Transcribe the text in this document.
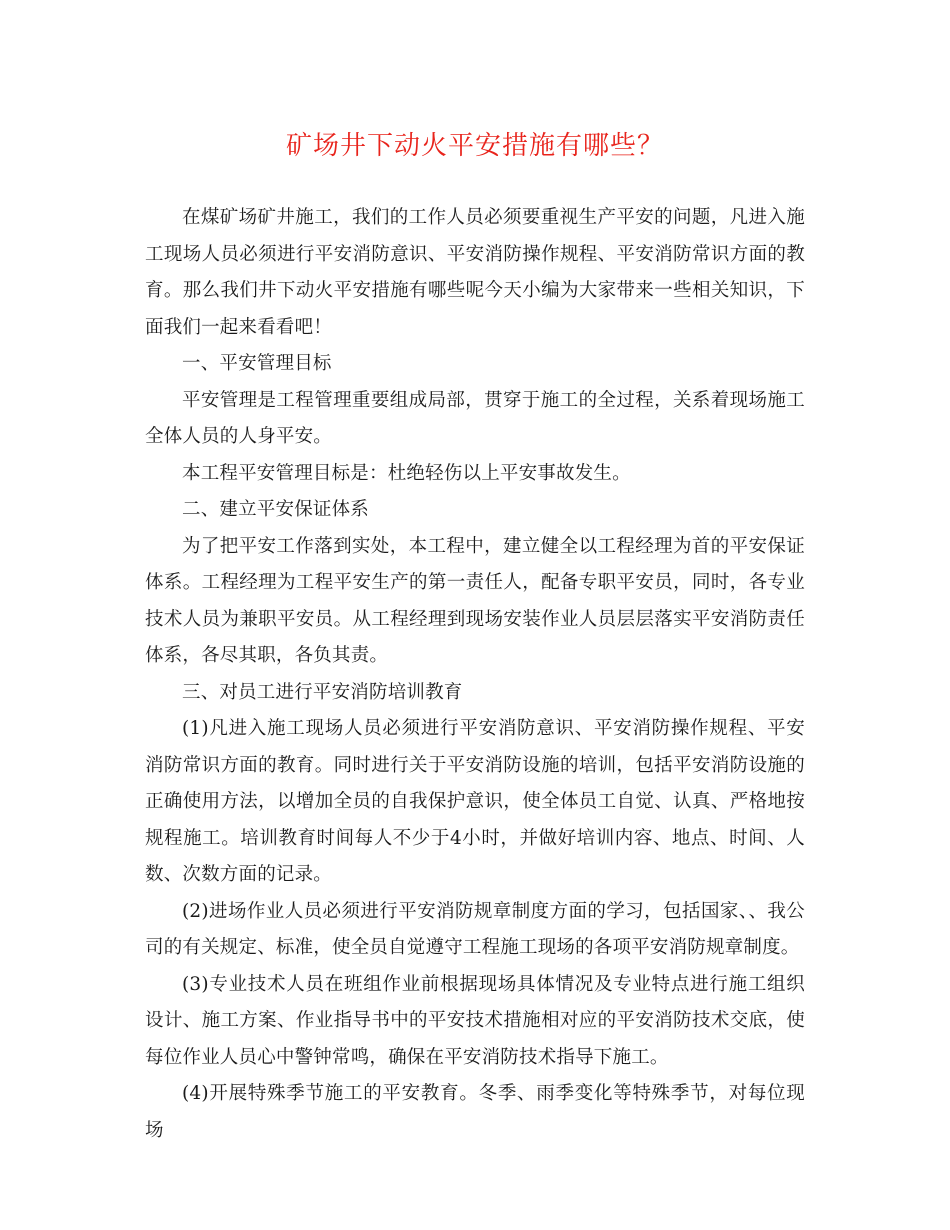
矿场井下动火平安措施有哪些？

在煤矿场矿井施工，我们的工作人员必须要重视生产平安的问题，凡进入施工现场人员必须进行平安消防意识、平安消防操作规程、平安消防常识方面的教育。那么我们井下动火平安措施有哪些呢今天小编为大家带来一些相关知识，下面我们一起来看看吧！

一、平安管理目标

平安管理是工程管理重要组成局部，贯穿于施工的全过程，关系着现场施工全体人员的人身平安。

本工程平安管理目标是：杜绝轻伤以上平安事故发生。

二、建立平安保证体系

为了把平安工作落到实处，本工程中，建立健全以工程经理为首的平安保证体系。工程经理为工程平安生产的第一责任人，配备专职平安员，同时，各专业技术人员为兼职平安员。从工程经理到现场安装作业人员层层落实平安消防责任体系，各尽其职，各负其责。

三、对员工进行平安消防培训教育

(1)凡进入施工现场人员必须进行平安消防意识、平安消防操作规程、平安消防常识方面的教育。同时进行关于平安消防设施的培训，包括平安消防设施的正确使用方法，以增加全员的自我保护意识，使全体员工自觉、认真、严格地按规程施工。培训教育时间每人不少于4小时，并做好培训内容、地点、时间、人数、次数方面的记录。

(2)进场作业人员必须进行平安消防规章制度方面的学习，包括国家、、我公司的有关规定、标准，使全员自觉遵守工程施工现场的各项平安消防规章制度。

(3)专业技术人员在班组作业前根据现场具体情况及专业特点进行施工组织设计、施工方案、作业指导书中的平安技术措施相对应的平安消防技术交底，使每位作业人员心中警钟常鸣，确保在平安消防技术指导下施工。

(4)开展特殊季节施工的平安教育。冬季、雨季变化等特殊季节，对每位现场
